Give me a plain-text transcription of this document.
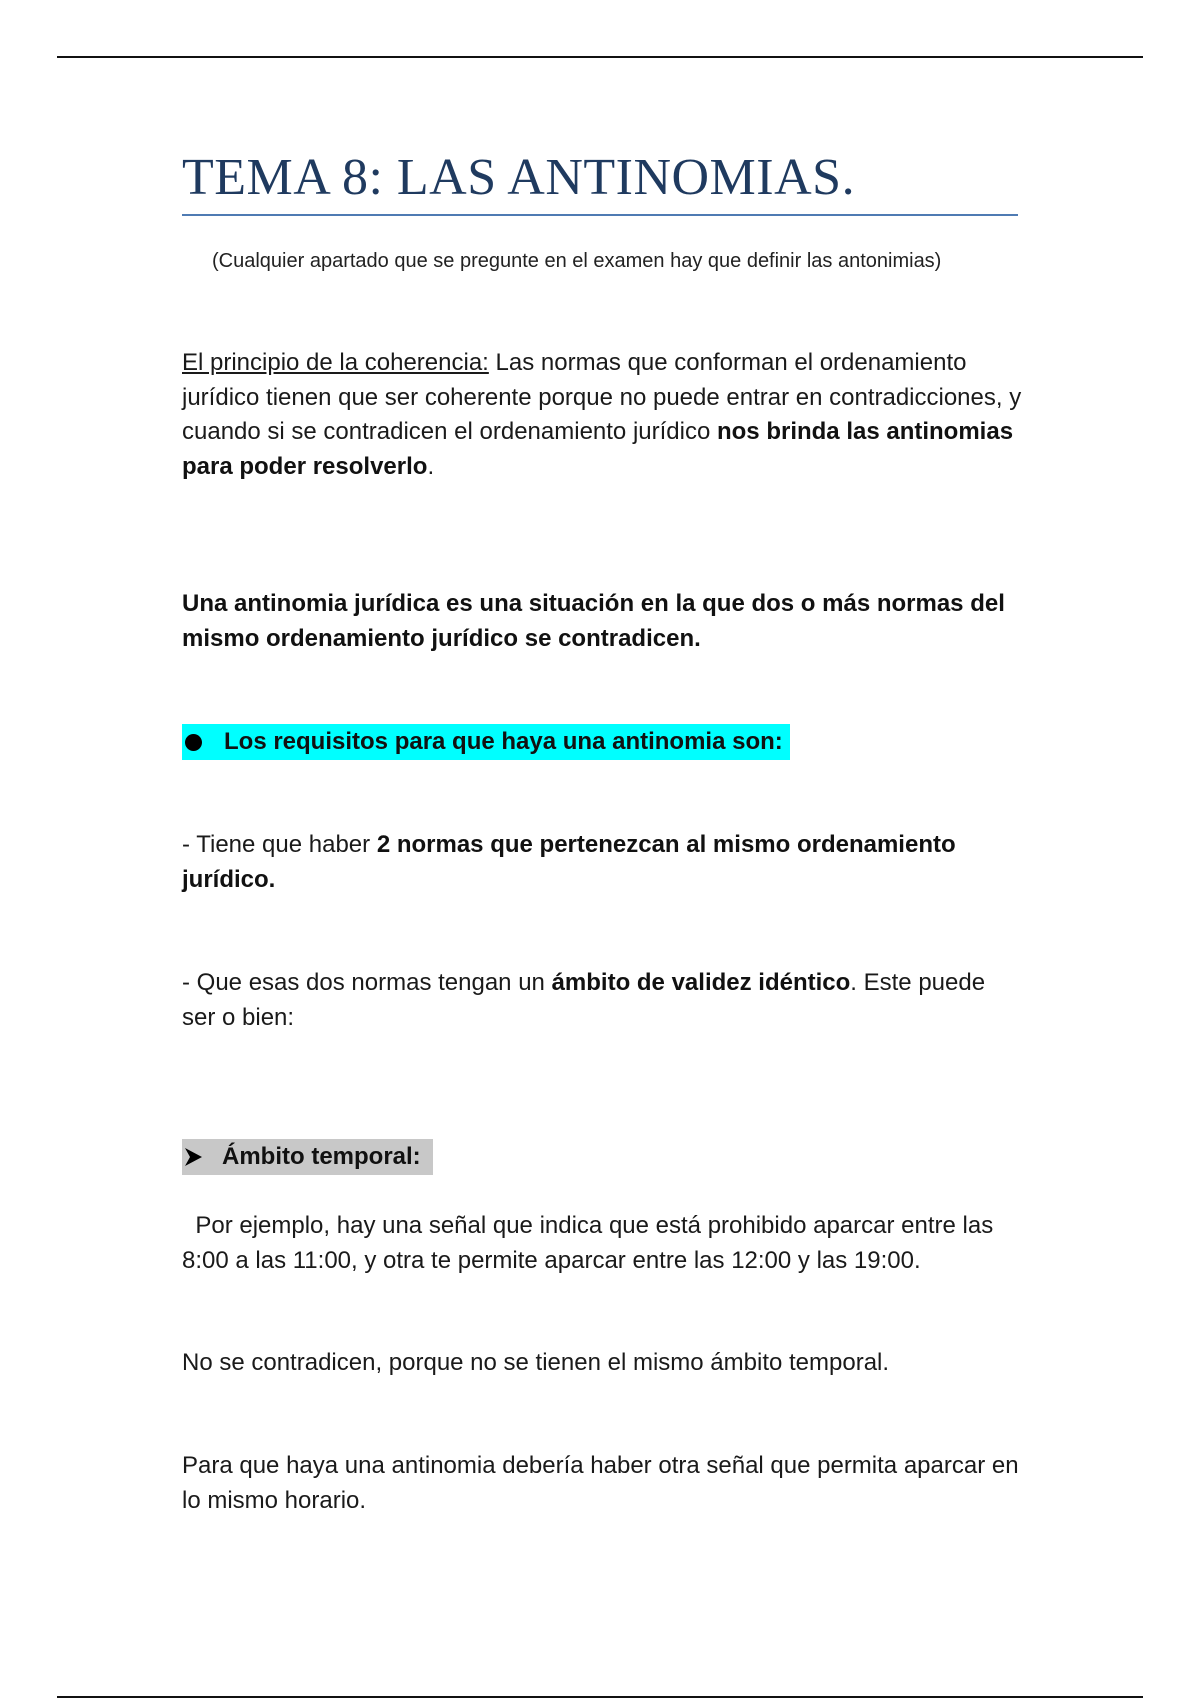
TEMA 8: LAS ANTINOMIAS.
(Cualquier apartado que se pregunte en el examen hay que definir las antonimias)
El principio de la coherencia: Las normas que conforman el ordenamiento jurídico tienen que ser coherente porque no puede entrar en contradicciones, y cuando si se contradicen el ordenamiento jurídico nos brinda las antinomias para poder resolverlo.
Una antinomia jurídica es una situación en la que dos o más normas del mismo ordenamiento jurídico se contradicen.
Los requisitos para que haya una antinomia son:
- Tiene que haber 2 normas que pertenezcan al mismo ordenamiento jurídico.
- Que esas dos normas tengan un ámbito de validez idéntico. Este puede ser o bien:
Ámbito temporal:
Por ejemplo, hay una señal que indica que está prohibido aparcar entre las 8:00 a las 11:00, y otra te permite aparcar entre las 12:00 y las 19:00.
No se contradicen, porque no se tienen el mismo ámbito temporal.
Para que haya una antinomia debería haber otra señal que permita aparcar en lo mismo horario.
